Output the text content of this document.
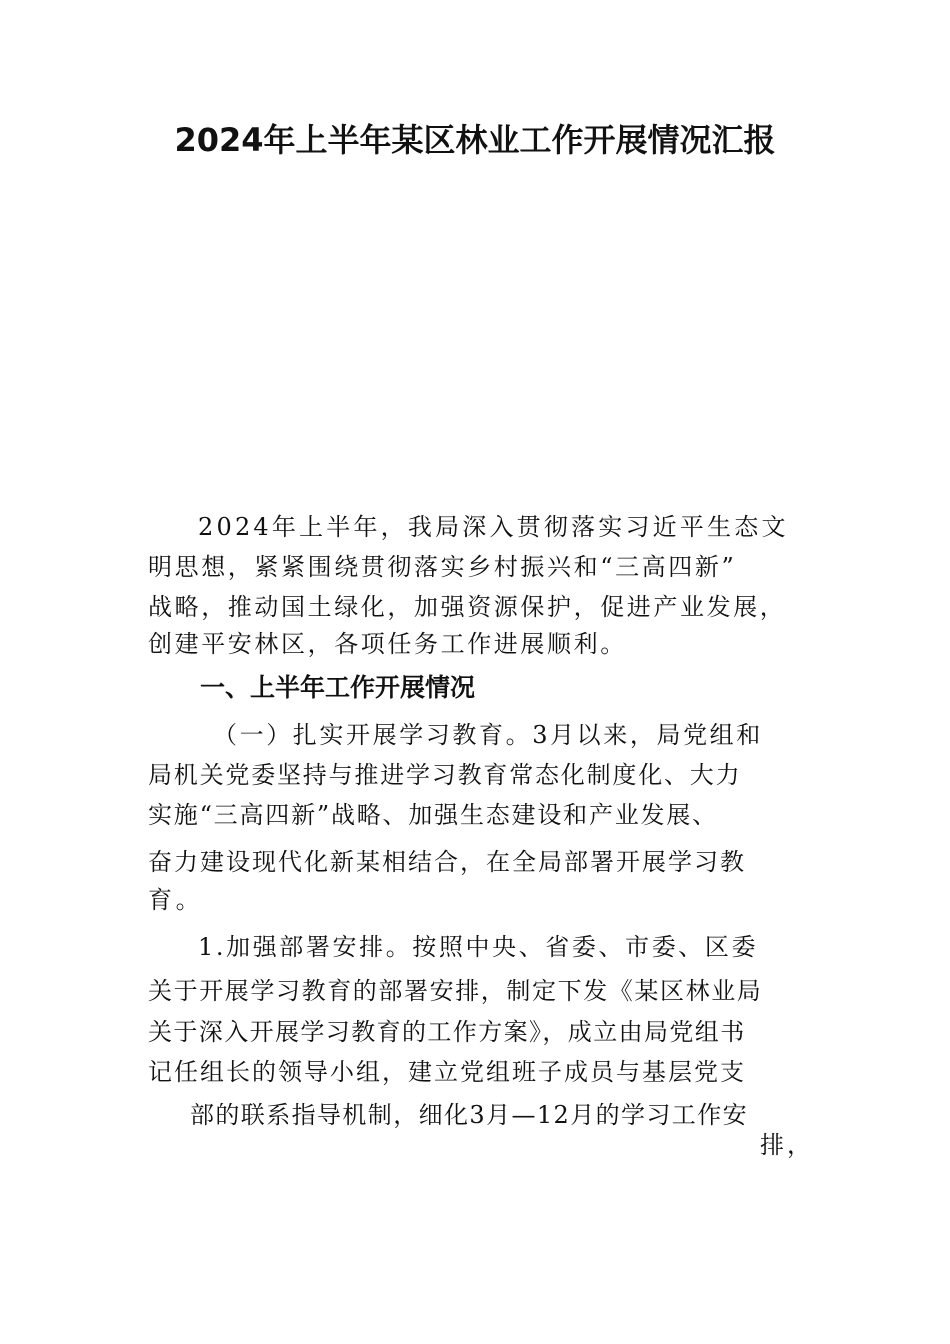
2024年上半年某区林业工作开展情况汇报
2024年上半年，我局深入贯彻落实习近平生态文
明思想，紧紧围绕贯彻落实乡村振兴和“三高四新”
战略，推动国土绿化，加强资源保护，促进产业发展，
创建平安林区，各项任务工作进展顺利。
一、上半年工作开展情况
（一）扎实开展学习教育。3月以来，局党组和
局机关党委坚持与推进学习教育常态化制度化、大力
实施“三高四新”战略、加强生态建设和产业发展、
奋力建设现代化新某相结合，在全局部署开展学习教
育。
1.加强部署安排。按照中央、省委、市委、区委
关于开展学习教育的部署安排，制定下发《某区林业局
关于深入开展学习教育的工作方案》，成立由局党组书
记任组长的领导小组，建立党组班子成员与基层党支
部的联系指导机制，细化3月—12月的学习工作安
排，
